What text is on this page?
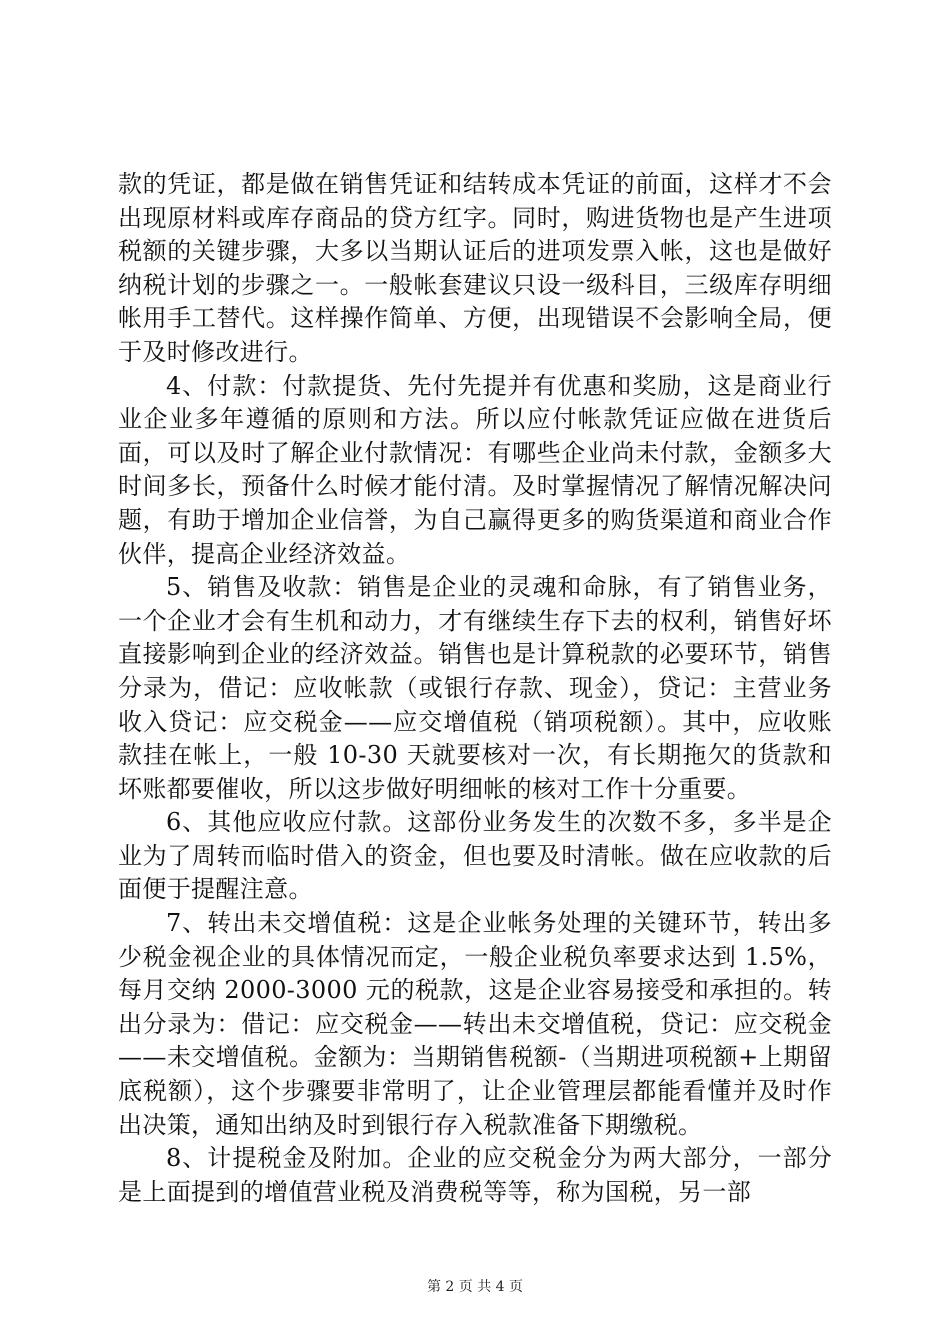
款的凭证，都是做在销售凭证和结转成本凭证的前面，这样才不会出现原材料或库存商品的贷方红字。同时，购进货物也是产生进项税额的关键步骤，大多以当期认证后的进项发票入帐，这也是做好纳税计划的步骤之一。一般帐套建议只设一级科目，三级库存明细帐用手工替代。这样操作简单、方便，出现错误不会影响全局，便于及时修改进行。

4、付款：付款提货、先付先提并有优惠和奖励，这是商业行业企业多年遵循的原则和方法。所以应付帐款凭证应做在进货后面，可以及时了解企业付款情况：有哪些企业尚未付款，金额多大时间多长，预备什么时候才能付清。及时掌握情况了解情况解决问题，有助于增加企业信誉，为自己赢得更多的购货渠道和商业合作伙伴，提高企业经济效益。

5、销售及收款：销售是企业的灵魂和命脉，有了销售业务，一个企业才会有生机和动力，才有继续生存下去的权利，销售好坏直接影响到企业的经济效益。销售也是计算税款的必要环节，销售分录为，借记：应收帐款（或银行存款、现金），贷记：主营业务收入贷记：应交税金——应交增值税（销项税额）。其中，应收账款挂在帐上，一般 10-30 天就要核对一次，有长期拖欠的货款和坏账都要催收，所以这步做好明细帐的核对工作十分重要。

6、其他应收应付款。这部份业务发生的次数不多，多半是企业为了周转而临时借入的资金，但也要及时清帐。做在应收款的后面便于提醒注意。

7、转出未交增值税：这是企业帐务处理的关键环节，转出多少税金视企业的具体情况而定，一般企业税负率要求达到 1.5%，每月交纳 2000-3000 元的税款，这是企业容易接受和承担的。转出分录为：借记：应交税金——转出未交增值税，贷记：应交税金——未交增值税。金额为：当期销售税额-（当期进项税额+上期留底税额），这个步骤要非常明了，让企业管理层都能看懂并及时作出决策，通知出纳及时到银行存入税款准备下期缴税。

8、计提税金及附加。企业的应交税金分为两大部分，一部分是上面提到的增值营业税及消费税等等，称为国税，另一部

第 2 页 共 4 页
